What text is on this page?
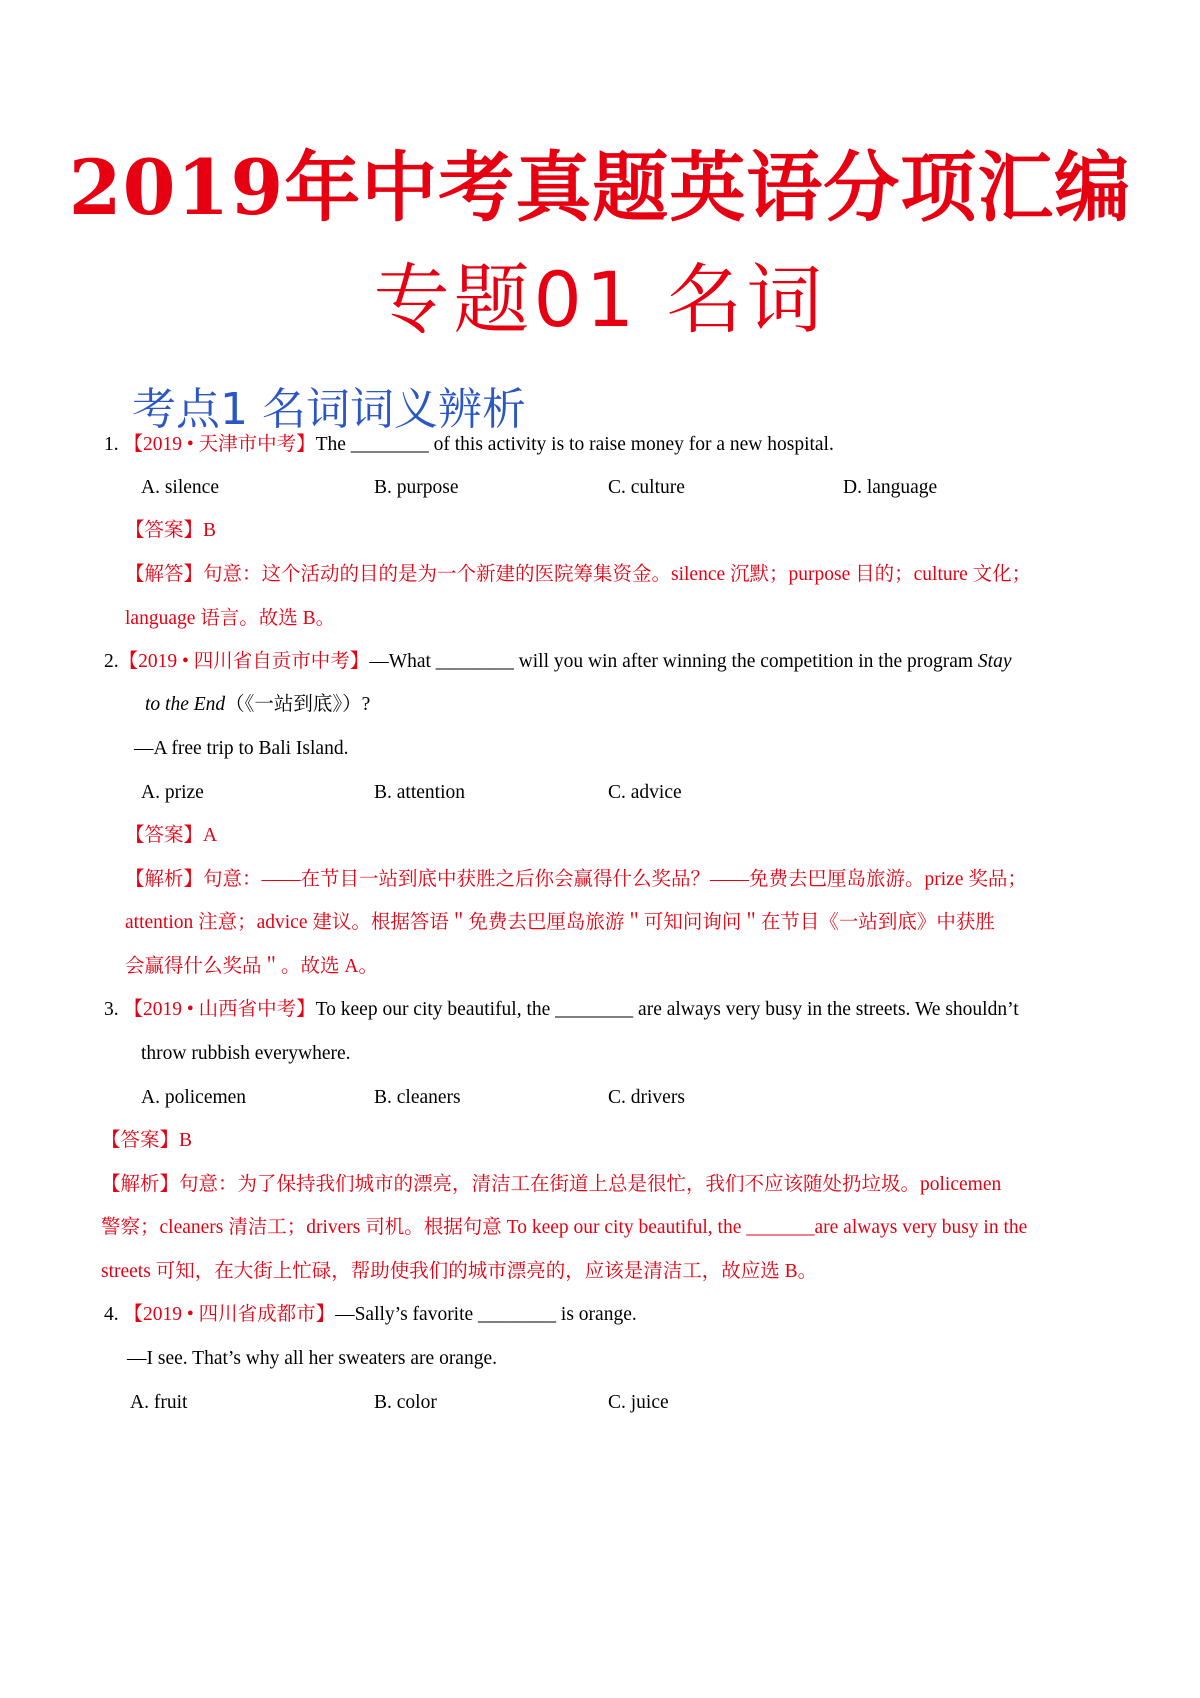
2019年中考真题英语分项汇编
专题01 名词
考点1 名词词义辨析
1. 【2019 • 天津市中考】The ________ of this activity is to raise money for a new hospital.
A. silence	B. purpose	C. culture	D. language
【答案】B
【解答】句意：这个活动的目的是为一个新建的医院筹集资金。silence 沉默；purpose 目的；culture 文化；
language 语言。故选 B。
2.【2019 • 四川省自贡市中考】—What ________ will you win after winning the competition in the program Stay
to the End（《一站到底》）?
—A free trip to Bali Island.
A. prize	B. attention	C. advice
【答案】A
【解析】句意：——在节目一站到底中获胜之后你会赢得什么奖品？——免费去巴厘岛旅游。prize 奖品；
attention 注意；advice 建议。根据答语＂免费去巴厘岛旅游＂可知问询问＂在节目《一站到底》中获胜
会赢得什么奖品＂。故选 A。
3. 【2019 • 山西省中考】To keep our city beautiful, the ________ are always very busy in the streets. We shouldn’t
throw rubbish everywhere.
A. policemen	B. cleaners	C. drivers
【答案】B
【解析】句意：为了保持我们城市的漂亮，清洁工在街道上总是很忙，我们不应该随处扔垃圾。policemen
警察；cleaners 清洁工；drivers 司机。根据句意 To keep our city beautiful, the _______are always very busy in the
streets 可知，在大街上忙碌，帮助使我们的城市漂亮的，应该是清洁工，故应选 B。
4. 【2019 • 四川省成都市】—Sally’s favorite ________ is orange.
—I see. That’s why all her sweaters are orange.
A. fruit	B. color	C. juice
